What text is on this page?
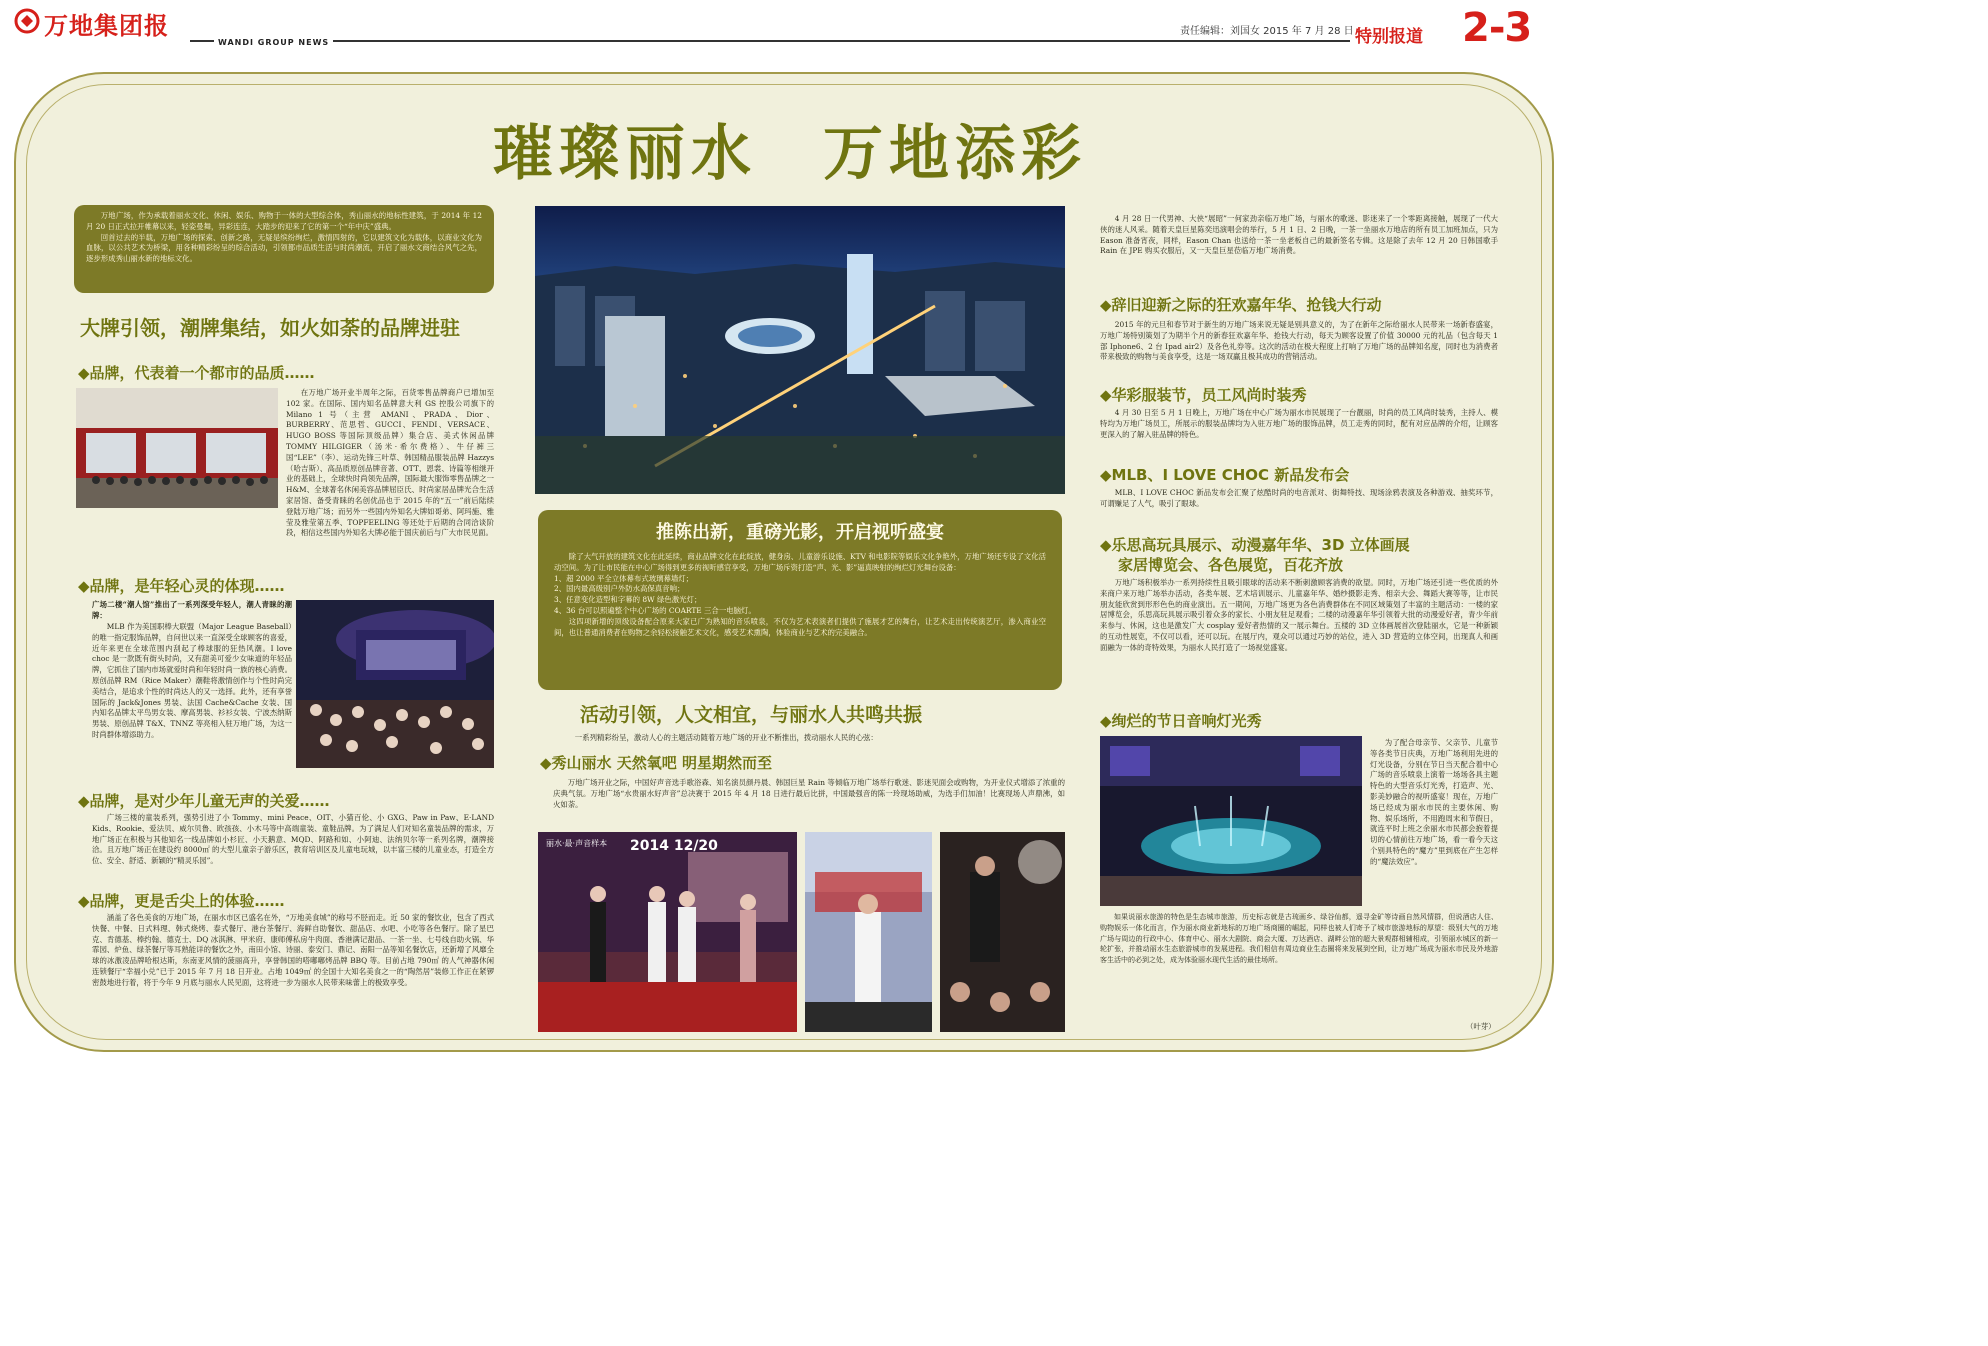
万地集团报
WANDI GROUP NEWS
责任编辑：刘国女 2015 年 7 月 28 日 特别报道 2-3
璀璨丽水　万地添彩

万地广场，作为承载着丽水文化、休闲、娱乐、购物于一体的大型综合体，秀山丽水的地标性建筑，于 2014 年 12 月 20 日正式拉开帷幕以来，轻姿曼舞，异彩连连，大踏步的迎来了它的第一个“年中庆”盛典。

回首过去的半载，万地广场的探索、创新之路，无疑是缤纷绚烂，激情四射的，它以建筑文化为载体，以商业文化为血脉，以公共艺术为桥梁，用各种精彩纷呈的综合活动，引领都市品质生活与时尚潮流，开启了丽水文商结合风气之先，逐步形成秀山丽水新的地标文化。

大牌引领，潮牌集结，如火如荼的品牌进驻
◆品牌，代表着一个都市的品质……
在万地广场开业半周年之际，百货零售品牌商户已增加至 102 家。在国际、国内知名品牌意大利 GS 控股公司旗下的 Milano 1 号（主营 AMANI、PRADA、Dior、BURBERRY、范思哲、GUCCI、FENDI、VERSACE、HUGO BOSS 等国际顶级品牌）集合店、美式休闲品牌 TOMMY HILGIGER（汤米·希尔费格）、牛仔裤三国“LEE”（李）、运动先锋三叶草、韩国精品服装品牌 Hazzys（哈吉斯）、高品质原创品牌音著、OTT、恩裳、诗篇等相继开业的基础上，全球快时尚领先品牌，国际最大服饰零售品牌之一 H&M、全球著名休闲美容品牌屈臣氏、时尚家居品牌光合生活家居馆、备受青睐的名创优品也于 2015 年的“五一”前后陆续登陆万地广场；而另外一些国内外知名大牌如哥弟、阿玛施、雅莹及雅莹第五季、TOPFEELING 等还处于后期的合同洽谈阶段，相信这些国内外知名大牌必能于国庆前后与广大市民见面。
◆品牌，是年轻心灵的体现……
广场二楼“潮人馆”推出了一系列深受年轻人，潮人青睐的潮牌：
MLB 作为美国职棒大联盟（Major League Baseball）的唯一指定服饰品牌，自问世以来一直深受全球顾客的喜爱，近年来更在全球范围内刮起了棒球服的狂热风潮。I love choc 是一款既有街头时尚，又有甜美可爱少女味道的年轻品牌，它抓住了国内市场就爱时尚和年轻时尚一族的核心消费。原创品牌 RM（Rice Maker）潮鞋将激情创作与个性时尚完美结合，是追求个性的时尚达人的又一选择。此外，还有享誉国际的 Jack&Jones 男装、法国 Cache&Cache 女装、国内知名品牌太平鸟男女装、摩高男装、衫衫女装、宁波杰纳斯男装、原创品牌 T&X、TNNZ 等亮相入驻万地广场，为这一时尚群体增添助力。
◆品牌，是对少年儿童无声的关爱……
广场三楼的童装系列，强势引进了小 Tommy、mini Peace、OIT、小猫百伦、小 GXG、Paw in Paw、E·LAND Kids、Rookie、爱法贝、威尔贝鲁、欧孩孩、小木马等中高端童装、童鞋品牌。为了满足人们对知名童装品牌的需求，万地广场正在积极与其他知名一线品牌如小杉匠、小天鹅意、MQD、阿路和如、小阿迪、法纳贝尔等一系列名牌，潮牌接洽。且万地广场正在建设约 8000㎡ 的大型儿童亲子游乐区，教育培训区及儿童电玩城，以丰富三楼的儿童业态，打造全方位、安全、舒适、新颖的“精灵乐园”。
◆品牌，更是舌尖上的体验……
涵盖了各色美食的万地广场，在丽水市区已盛名在外，“万地美食城”的称号不胫而走。近 50 家的餐饮业，包含了西式快餐、中餐、日式料理、韩式烧烤、泰式餐厅、港台茶餐厅、海鲜自助餐饮、甜品店、水吧、小吃等各色餐厅。除了星巴克、肯德基、棒约翰、德克士、DQ 冰淇淋、甲米府、康师傅私房牛肉面、香港满记甜品、一茶一坐、七号线自助火锅、华霏园、炉鱼、绿茶餐厅等耳熟能详的餐饮之外，南田小馆、诗丽、泰安门、鼎记、南阳一品等知名餐饮店，还新增了风靡全球的冰激凌品牌哈根达斯，东南亚风情的菠丽高升，享誉韩国的嗒嘟嘟烤品牌 BBQ 等。目前占地 790㎡ 的人气神器休闲连锁餐厅“幸福小兑”已于 2015 年 7 月 18 日开业。占地 1049㎡ 的全国十大知名美食之一的“陶然居”装修工作正在紧锣密鼓地进行着，将于今年 9 月底与丽水人民见面，这将进一步为丽水人民带来味蕾上的极致享受。
推陈出新，重磅光影，开启视听盛宴

除了大气开放的建筑文化在此延续，商业品牌文化在此绽放，健身房、儿童游乐设施、KTV 和电影院等娱乐文化争艳外，万地广场还专设了文化活动空间。为了让市民能在中心广场得到更多的视听感官享受，万地广场斥资打造“声、光、影”逼真映射的绚烂灯光舞台设备：

1、超 2000 平全立体幕布式玻璃幕墙灯；

2、国内最高级别户外防水高保真音响；

3、任意变化造型和字幕的 8W 绿色激光灯；

4、36 台可以照遍整个中心广场的 COARTE 三合一电脑灯。

这四项新增的顶级设备配合原来大家已广为熟知的音乐喷泉，不仅为艺术表演者们提供了施展才艺的舞台，让艺术走出传统演艺厅，渗入商业空间，也让普通消费者在购物之余轻松接触艺术文化，感受艺术熏陶，体验商业与艺术的完美融合。

活动引领，人文相宜，与丽水人共鸣共振
一系列精彩纷呈，激动人心的主题活动随着万地广场的开业不断推出，拨动丽水人民的心弦：
◆秀山丽水 天然氧吧 明星期然而至
万地广场开业之际，中国好声音选手歌浴森、知名演员颜丹晨、韩国巨星 Rain 等倾临万地广场举行歌迷、影迷见面会或购物，为开业仪式增添了浓重的庆典气氛。万地广场“水贵丽水好声音”总决赛于 2015 年 4 月 18 日进行最后比拼，中国最强音的陈一玲现场助威，为选手们加油！比赛现场人声鼎沸，如火如荼。
丽水·最·声音样本 2014 12/20
4 月 28 日一代男神、大侠“展昭”一何家劲亲临万地广场，与丽水的歌迷、影迷来了一个零距离接触，展现了一代大侠的迷人风采。随着天皇巨星陈奕迅演唱会的举行，5 月 1 日、2 日晚，一茶一坐丽水万地店的所有员工加班加点，只为 Eason 准备宵夜，同样，Eason Chan 也送给一茶一坐老板自己的最新签名专辑。这是除了去年 12 月 20 日韩国歌手 Rain 在 JPE 购买衣服后，又一天皇巨星莅临万地广场消费。
◆辞旧迎新之际的狂欢嘉年华、抢钱大行动
2015 年的元旦和春节对于新生的万地广场来说无疑是别具意义的，为了在新年之际给丽水人民带来一场新春盛宴，万地广场特别策划了为期半个月的新春狂欢嘉年华、抢钱大行动，每天为顾客设置了价值 30000 元的礼品（包含每天 1 部 Iphone6、2 台 Ipad air2）及各色礼券等。这次的活动在极大程度上打响了万地广场的品牌知名度，同时也为消费者带来极致的购物与美食享受，这是一场双赢且极其成功的营销活动。
◆华彩服装节，员工风尚时装秀
4 月 30 日至 5 月 1 日晚上，万地广场在中心广场为丽水市民展现了一台靓丽，时尚的员工风尚时装秀，主持人、模特均为万地广场员工，所展示的服装品牌均为入驻万地广场的服饰品牌，员工走秀的同时，配有对应品牌的介绍，让顾客更深入的了解入驻品牌的特色。
◆MLB、I LOVE CHOC 新品发布会
MLB、I LOVE CHOC 新品发布会汇聚了炫酷时尚的电音派对、街舞特技、现场涂鸦表演及各种游戏、抽奖环节，可谓赚足了人气，吸引了眼球。
◆乐思高玩具展示、动漫嘉年华、3D 立体画展
家居博览会、各色展览，百花齐放
万地广场积极举办一系列持续性且吸引眼球的活动来不断刺激顾客消费的欲望。同时，万地广场还引进一些优质的外来商户来万地广场举办活动，各类车展、艺术培训展示、儿童嘉年华、婚纱摄影走秀、相亲大会、舞蹈大赛等等，让市民朋友能欣赏到形形色色的商业演出。五一期间，万地广场更为各色消费群体在不同区域策划了丰富的主题活动：一楼的家居博览会，乐思高玩具展示吸引着众多的家长、小朋友驻足观看；二楼的动漫嘉年华引领着大批的动漫爱好者，青少年前来参与、休闲，这也是激发广大 cosplay 爱好者热情的又一展示舞台。五楼的 3D 立体画展首次登陆丽水，它是一种新颖的互动性展览，不仅可以看，还可以玩。在展厅内，观众可以通过巧妙的站位，进入 3D 营造的立体空间，出现真人和画面融为一体的奇特效果，为丽水人民打造了一场视觉盛宴。
◆绚烂的节日音响灯光秀
为了配合母亲节、父亲节、儿童节等各类节日庆典，万地广场利用先进的灯光设备，分别在节日当天配合着中心广场的音乐喷泉上演着一场场各具主题特色的大型音乐灯光秀，打造声、光、影美妙融合的视听盛宴！现在，万地广场已经成为丽水市民的主要休闲、购物、娱乐场所，不用跑周末和节假日，就连平时上班之余丽水市民都会抱着提切的心情前往万地广场，看一看今天这个别具特色的“魔方”里到底在产生怎样的“魔法效应”。
如果说丽水旅游的特色是生态城市旅游，历史标志就是古琉画乡、绿谷仙都，遥寻金矿等诗画自然风情群，但说酒店人住、购物娱乐一体化而言，作为丽水商业新地标的万地广场商圈的崛起，同样也被人们寄予了城市旅游地标的厚望：级别大气的万地广场与周边的行政中心、体育中心、丽水大剧院、商会大厦、万达酒店、湖畔公馆的超大景观群相辅相成，引领丽水城区的新一轮扩张，并推动丽水生态旅游城市的发展进程。我们相信有周边商业生态圈将来发展到空间，让万地广场成为丽水市民及外地游客生活中的必到之处，成为体验丽水现代生活的最佳场所。
（叶芽）
